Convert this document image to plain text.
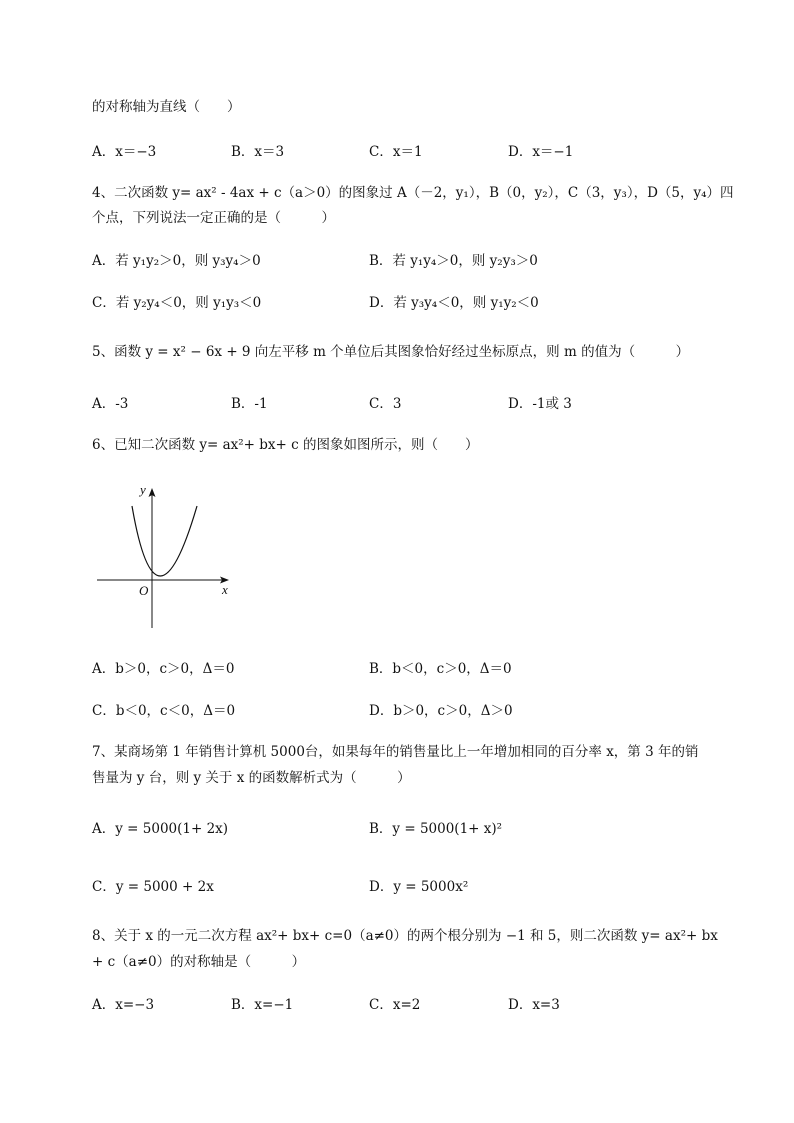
的对称轴为直线（　　）
A．x＝−3	B．x＝3	C．x＝1	D．x＝−1
4、二次函数 y= ax² - 4ax + c（a＞0）的图象过 A（－2，y₁），B（0，y₂），C（3，y₃），D（5，y₄）四
个点，下列说法一定正确的是（　　　）
A．若 y₁y₂＞0，则 y₃y₄＞0	B．若 y₁y₄＞0，则 y₂y₃＞0
C．若 y₂y₄＜0，则 y₁y₃＜0	D．若 y₃y₄＜0，则 y₁y₂＜0
5、函数 y = x² − 6x + 9 向左平移 m 个单位后其图象恰好经过坐标原点，则 m 的值为（　　　）
A．-3	B．-1	C．3	D．-1或 3
6、已知二次函数 y= ax²+ bx+ c 的图象如图所示，则（　　）
y
x
O
A．b＞0，c＞0，Δ＝0	B．b＜0，c＞0，Δ＝0
C．b＜0，c＜0，Δ＝0	D．b＞0，c＞0，Δ＞0
7、某商场第 1 年销售计算机 5000台，如果每年的销售量比上一年增加相同的百分率 x，第 3 年的销
售量为 y 台，则 y 关于 x 的函数解析式为（　　　）
A．y = 5000(1+ 2x)	B．y = 5000(1+ x)²
C．y = 5000 + 2x	D．y = 5000x²
8、关于 x 的一元二次方程 ax²+ bx+ c=0（a≠0）的两个根分别为 −1 和 5，则二次函数 y= ax²+ bx
+ c（a≠0）的对称轴是（　　　）
A．x=−3	B．x=−1	C．x=2	D．x=3
